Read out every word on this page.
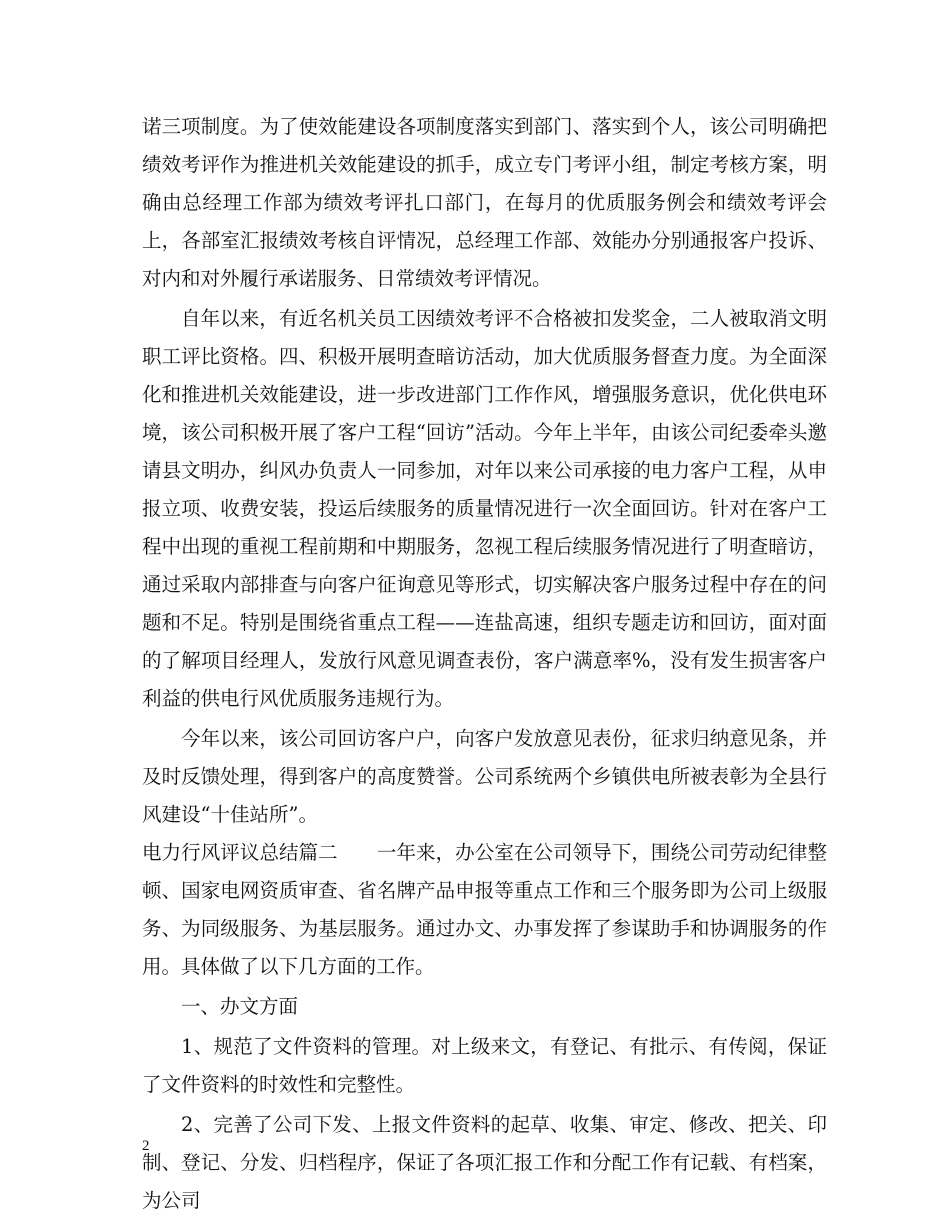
诺三项制度。为了使效能建设各项制度落实到部门、落实到个人，该公司明确把绩效考评作为推进机关效能建设的抓手，成立专门考评小组，制定考核方案，明确由总经理工作部为绩效考评扎口部门，在每月的优质服务例会和绩效考评会上，各部室汇报绩效考核自评情况，总经理工作部、效能办分别通报客户投诉、对内和对外履行承诺服务、日常绩效考评情况。

自年以来，有近名机关员工因绩效考评不合格被扣发奖金，二人被取消文明职工评比资格。四、积极开展明查暗访活动，加大优质服务督查力度。为全面深化和推进机关效能建设，进一步改进部门工作作风，增强服务意识，优化供电环境，该公司积极开展了客户工程“回访”活动。今年上半年，由该公司纪委牵头邀请县文明办，纠风办负责人一同参加，对年以来公司承接的电力客户工程，从申报立项、收费安装，投运后续服务的质量情况进行一次全面回访。针对在客户工程中出现的重视工程前期和中期服务，忽视工程后续服务情况进行了明查暗访，通过采取内部排查与向客户征询意见等形式，切实解决客户服务过程中存在的问题和不足。特别是围绕省重点工程——连盐高速，组织专题走访和回访，面对面的了解项目经理人，发放行风意见调查表份，客户满意率%，没有发生损害客户利益的供电行风优质服务违规行为。

今年以来，该公司回访客户户，向客户发放意见表份，征求归纳意见条，并及时反馈处理，得到客户的高度赞誉。公司系统两个乡镇供电所被表彰为全县行风建设“十佳站所”。

电力行风评议总结篇二　　一年来，办公室在公司领导下，围绕公司劳动纪律整顿、国家电网资质审查、省名牌产品申报等重点工作和三个服务即为公司上级服务、为同级服务、为基层服务。通过办文、办事发挥了参谋助手和协调服务的作用。具体做了以下几方面的工作。

一、办文方面

1、规范了文件资料的管理。对上级来文，有登记、有批示、有传阅，保证了文件资料的时效性和完整性。

2、完善了公司下发、上报文件资料的起草、收集、审定、修改、把关、印制、登记、分发、归档程序，保证了各项汇报工作和分配工作有记载、有档案，为公司

2
